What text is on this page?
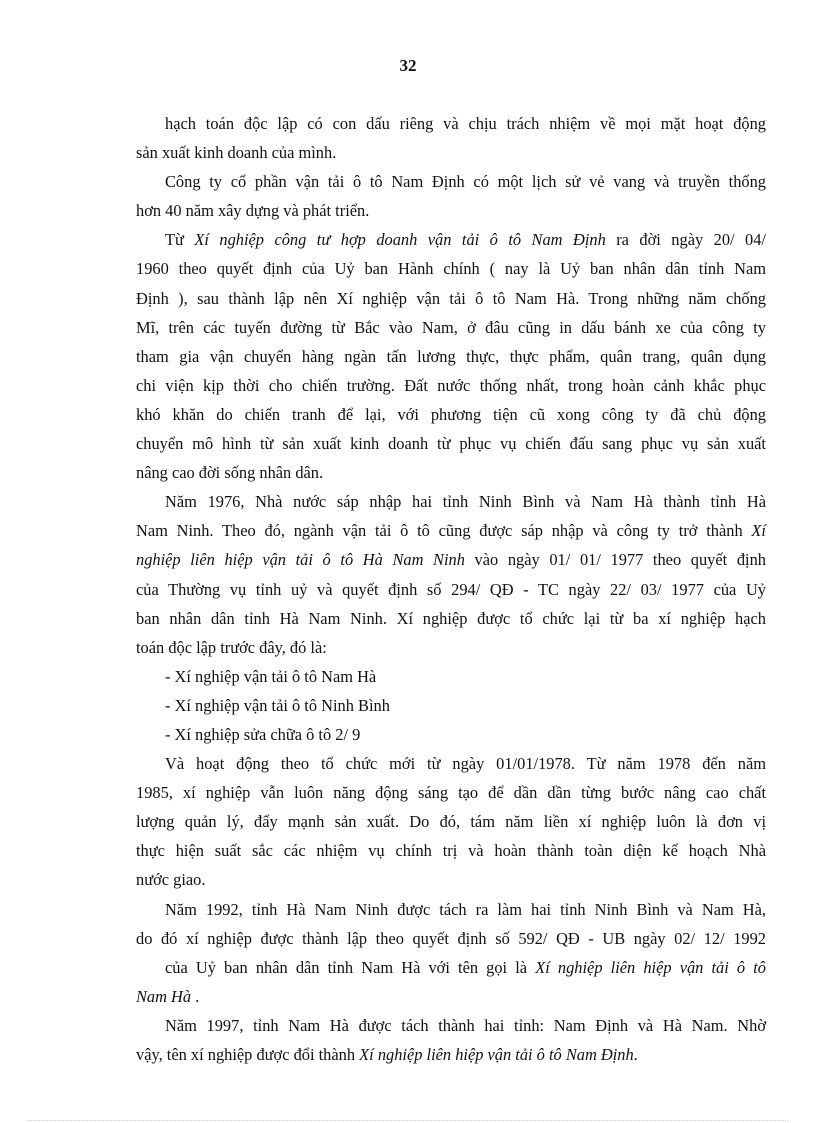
32
hạch toán độc lập có con dấu riêng và chịu trách nhiệm về mọi mặt hoạt động
sản xuất kinh doanh của mình.
Công ty cổ phần vận tải ô tô Nam Định có một lịch sử vẻ vang và truyền thống
hơn 40 năm xây dựng và phát triển.
Từ Xí nghiệp công tư hợp doanh vận tải ô tô Nam Định ra đời ngày 20/ 04/
1960 theo quyết định của Uỷ ban Hành chính ( nay là Uỷ ban nhân dân tỉnh Nam
Định ), sau thành lập nên Xí nghiệp vận tải ô tô Nam Hà. Trong những năm chống
Mĩ, trên các tuyến đường từ Bắc vào Nam, ở đâu cũng in dấu bánh xe của công ty
tham gia vận chuyển hàng ngàn tấn lương thực, thực phẩm, quân trang, quân dụng
chi viện kịp thời cho chiến trường. Đất nước thống nhất, trong hoàn cảnh khắc phục
khó khăn do chiến tranh để lại, với phương tiện cũ xong công ty đã chủ động
chuyển mô hình từ sản xuất kinh doanh từ phục vụ chiến đấu sang phục vụ sản xuất
nâng cao đời sống nhân dân.
Năm 1976, Nhà nước sáp nhập hai tỉnh Ninh Bình và Nam Hà thành tỉnh Hà
Nam Ninh. Theo đó, ngành vận tải ô tô cũng được sáp nhập và công ty trở thành Xí
nghiệp liên hiệp vận tải ô tô Hà Nam Ninh vào ngày 01/ 01/ 1977 theo quyết định
của Thường vụ tỉnh uỷ và quyết định số 294/ QĐ - TC ngày 22/ 03/ 1977 của Uỷ
ban nhân dân tỉnh Hà Nam Ninh. Xí nghiệp được tổ chức lại từ ba xí nghiệp hạch
toán độc lập trước đây, đó là:
- Xí nghiệp vận tải ô tô Nam Hà
- Xí nghiệp vận tải ô tô Ninh Bình
- Xí nghiệp sửa chữa ô tô 2/ 9
Và hoạt động theo tổ chức mới từ ngày 01/01/1978. Từ năm 1978 đến năm
1985, xí nghiệp vẫn luôn năng động sáng tạo để dần dần từng bước nâng cao chất
lượng quản lý, đẩy mạnh sản xuất. Do đó, tám năm liền xí nghiệp luôn là đơn vị
thực hiện suất sắc các nhiệm vụ chính trị và hoàn thành toàn diện kế hoạch Nhà
nước giao.
Năm 1992, tỉnh Hà Nam Ninh được tách ra làm hai tỉnh Ninh Bình và Nam Hà,
do đó xí nghiệp được thành lập theo quyết định số 592/ QĐ - UB ngày 02/ 12/ 1992
của Uỷ ban nhân dân tỉnh Nam Hà với tên gọi là Xí nghiệp liên hiệp vận tải ô tô
Nam Hà .
Năm 1997, tỉnh Nam Hà được tách thành hai tỉnh: Nam Định và Hà Nam. Nhờ
vậy, tên xí nghiệp được đổi thành Xí nghiệp liên hiệp vận tải ô tô Nam Định.
